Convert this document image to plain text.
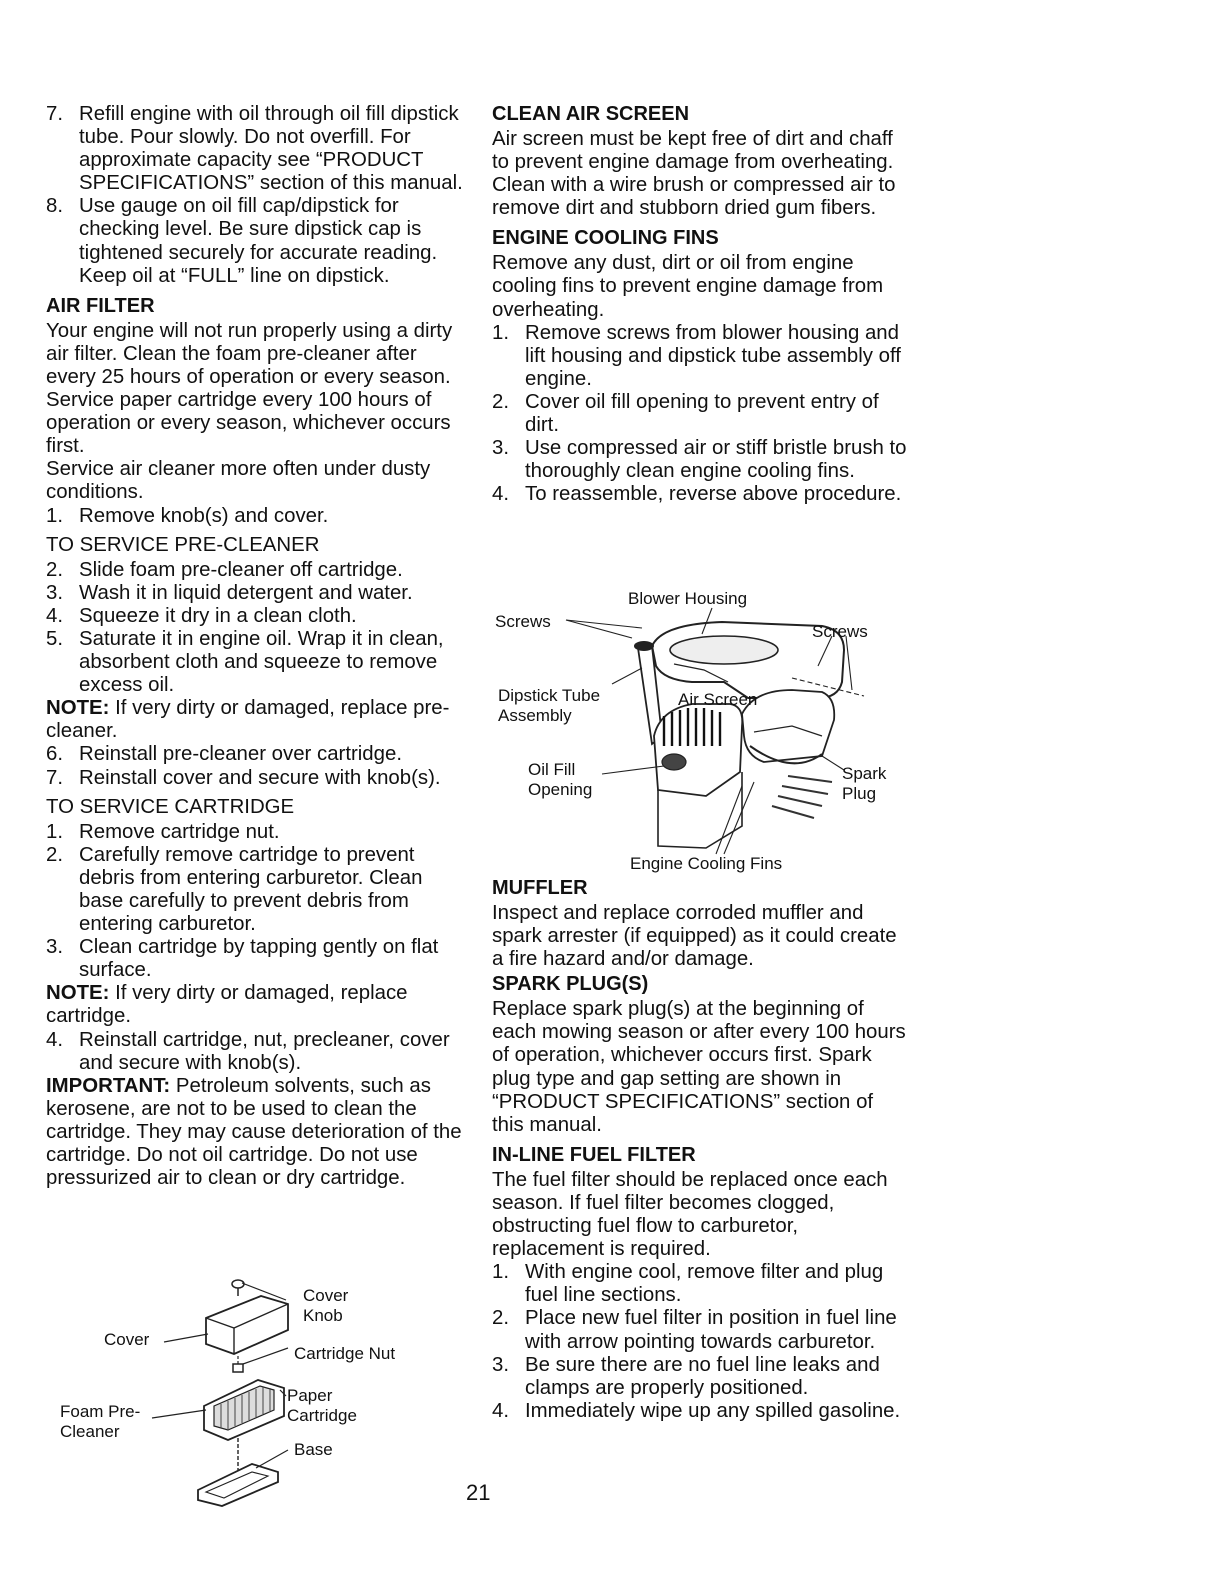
7. Refill engine with oil through oil fill dipstick tube. Pour slowly. Do not overfill. For approximate capacity see “PRODUCT SPECIFICATIONS” section of this manual.
8. Use gauge on oil fill cap/dipstick for checking level. Be sure dipstick cap is tightened securely for accurate reading. Keep oil at “FULL” line on dipstick.
AIR FILTER

Your engine will not run properly using a dirty air filter. Clean the foam pre-cleaner after every 25 hours of operation or every season. Service paper cartridge every 100 hours of operation or every season, whichever occurs first.

Service air cleaner more often under dusty conditions.

1. Remove knob(s) and cover.
TO SERVICE PRE-CLEANER
2. Slide foam pre-cleaner off cartridge.
3. Wash it in liquid detergent and water.
4. Squeeze it dry in a clean cloth.
5. Saturate it in engine oil. Wrap it in clean, absorbent cloth and squeeze to remove excess oil.

NOTE: If very dirty or damaged, replace pre-cleaner.

6. Reinstall pre-cleaner over cartridge.
7. Reinstall cover and secure with knob(s).
TO SERVICE CARTRIDGE
1. Remove cartridge nut.
2. Carefully remove cartridge to prevent debris from entering carburetor. Clean base carefully to prevent debris from entering carburetor.
3. Clean cartridge by tapping gently on flat surface.

NOTE: If very dirty or damaged, replace cartridge.

4. Reinstall cartridge, nut, precleaner, cover and secure with knob(s).

IMPORTANT: Petroleum solvents, such as kerosene, are not to be used to clean the cartridge. They may cause deterioration of the cartridge. Do not oil cartridge. Do not use pressurized air to clean or dry cartridge.

Cover Knob
Cover
Cartridge Nut
Paper Cartridge
Foam Pre-Cleaner
Base
CLEAN AIR SCREEN

Air screen must be kept free of dirt and chaff to prevent engine damage from overheating. Clean with a wire brush or compressed air to remove dirt and stubborn dried gum fibers.

ENGINE COOLING FINS

Remove any dust, dirt or oil from engine cooling fins to prevent engine damage from overheating.

1. Remove screws from blower housing and lift housing and dipstick tube assembly off engine.
2. Cover oil fill opening to prevent entry of dirt.
3. Use compressed air or stiff bristle brush to thoroughly clean engine cooling fins.
4. To reassemble, reverse above procedure.
Blower Housing
Screws
Screws
Dipstick Tube Assembly
Air Screen
Oil Fill Opening
Spark Plug
Engine Cooling Fins
MUFFLER

Inspect and replace corroded muffler and spark arrester (if equipped) as it could create a fire hazard and/or damage.

SPARK PLUG(S)

Replace spark plug(s) at the beginning of each mowing season or after every 100 hours of operation, whichever occurs first. Spark plug type and gap setting are shown in “PRODUCT SPECIFICATIONS” section of this manual.

IN-LINE FUEL FILTER

The fuel filter should be replaced once each season. If fuel filter becomes clogged, obstructing fuel flow to carburetor, replacement is required.

1. With engine cool, remove filter and plug fuel line sections.
2. Place new fuel filter in position in fuel line with arrow pointing towards carburetor.
3. Be sure there are no fuel line leaks and clamps are properly positioned.
4. Immediately wipe up any spilled gasoline.
21
